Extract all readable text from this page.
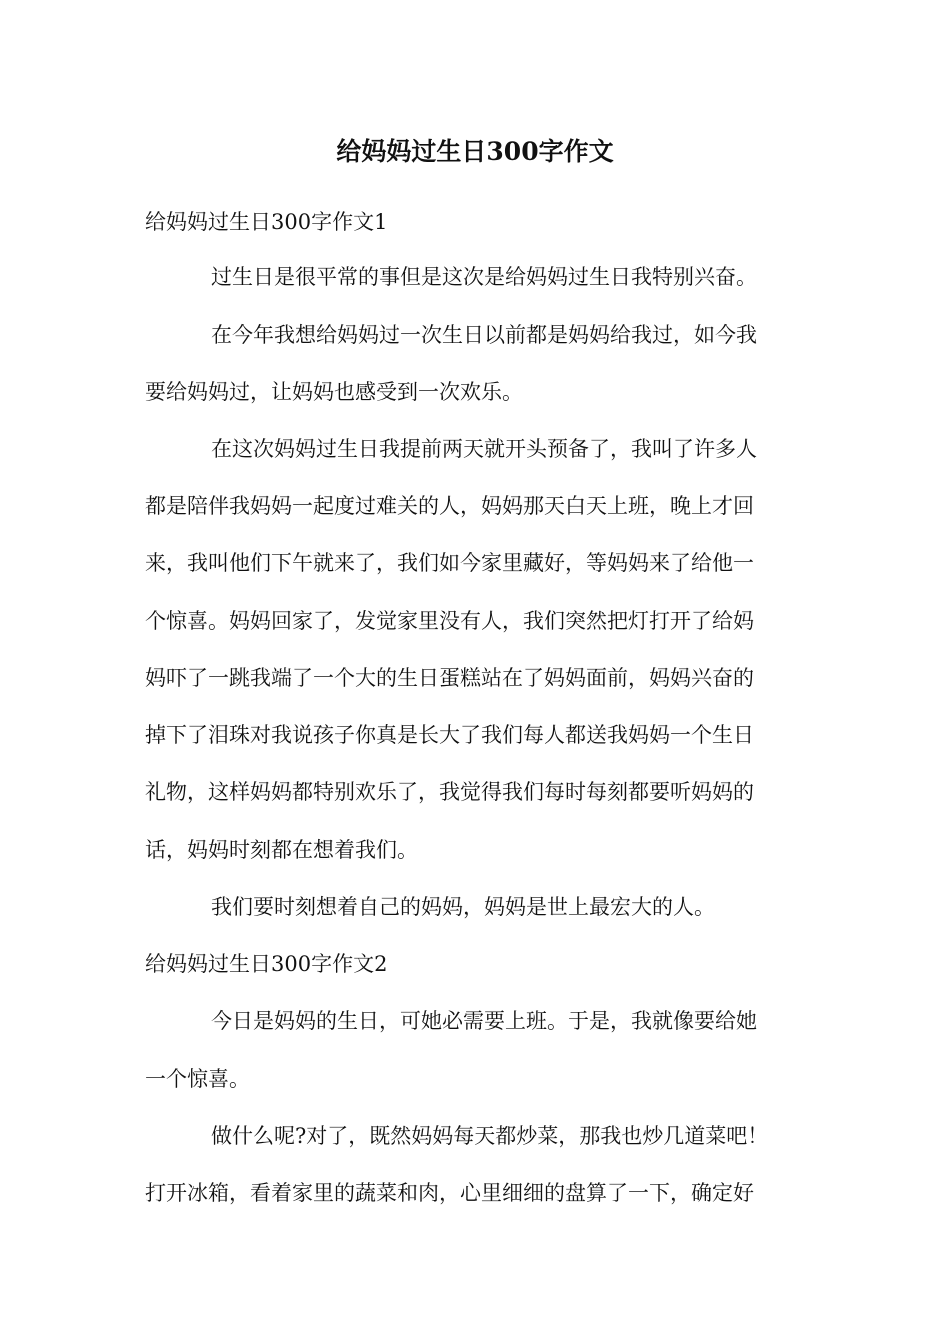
给妈妈过生日300字作文
给妈妈过生日300字作文1
过生日是很平常的事但是这次是给妈妈过生日我特别兴奋。
在今年我想给妈妈过一次生日以前都是妈妈给我过，如今我
要给妈妈过，让妈妈也感受到一次欢乐。
在这次妈妈过生日我提前两天就开头预备了，我叫了许多人
都是陪伴我妈妈一起度过难关的人，妈妈那天白天上班，晚上才回
来，我叫他们下午就来了，我们如今家里藏好，等妈妈来了给他一
个惊喜。妈妈回家了，发觉家里没有人，我们突然把灯打开了给妈
妈吓了一跳我端了一个大的生日蛋糕站在了妈妈面前，妈妈兴奋的
掉下了泪珠对我说孩子你真是长大了我们每人都送我妈妈一个生日
礼物，这样妈妈都特别欢乐了，我觉得我们每时每刻都要听妈妈的
话，妈妈时刻都在想着我们。
我们要时刻想着自己的妈妈，妈妈是世上最宏大的人。
给妈妈过生日300字作文2
今日是妈妈的生日，可她必需要上班。于是，我就像要给她
一个惊喜。
做什么呢?对了，既然妈妈每天都炒菜，那我也炒几道菜吧！
打开冰箱，看着家里的蔬菜和肉，心里细细的盘算了一下，确定好
